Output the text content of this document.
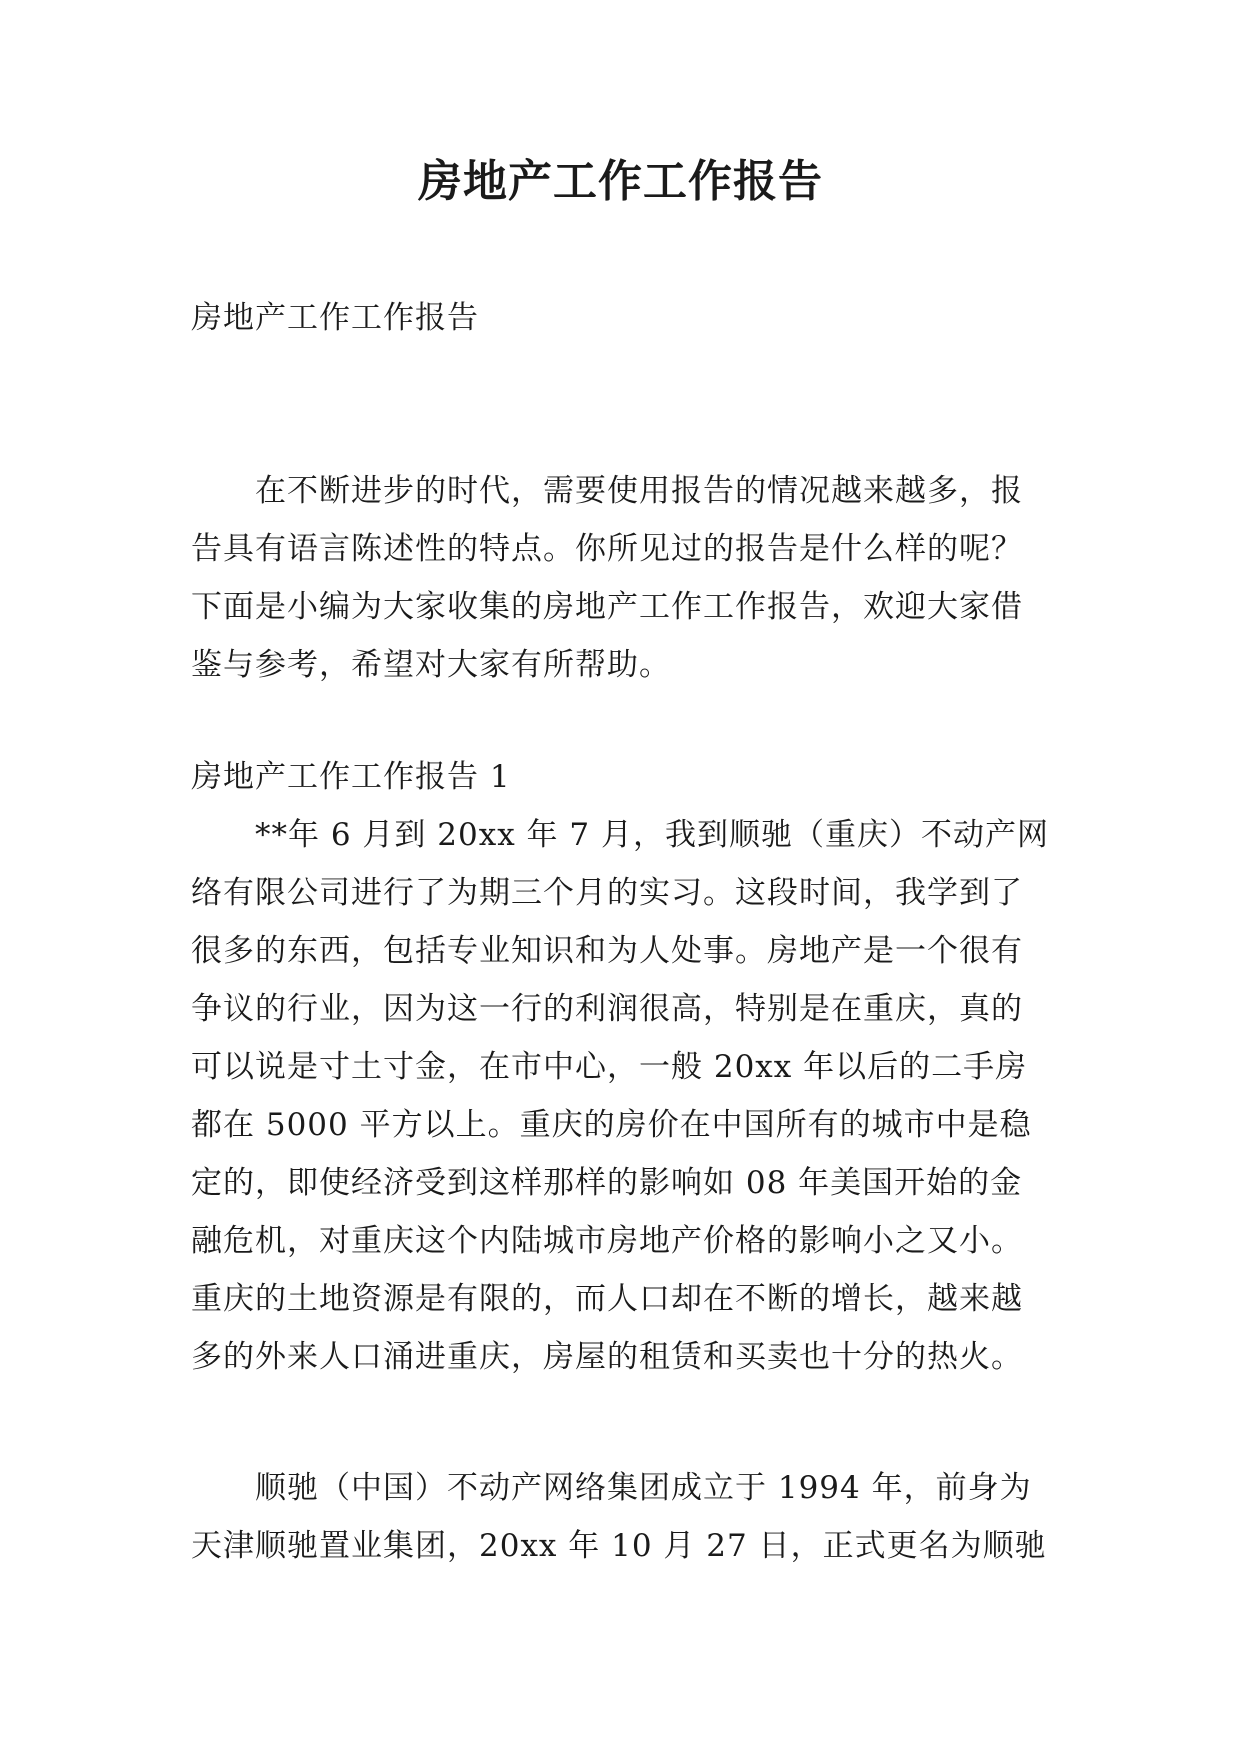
房地产工作工作报告
房地产工作工作报告
　　在不断进步的时代，需要使用报告的情况越来越多，报
告具有语言陈述性的特点。你所见过的报告是什么样的呢？
下面是小编为大家收集的房地产工作工作报告，欢迎大家借
鉴与参考，希望对大家有所帮助。
房地产工作工作报告 1
　　**年 6 月到 20xx 年 7 月，我到顺驰（重庆）不动产网
络有限公司进行了为期三个月的实习。这段时间，我学到了
很多的东西，包括专业知识和为人处事。房地产是一个很有
争议的行业，因为这一行的利润很高，特别是在重庆，真的
可以说是寸土寸金，在市中心，一般 20xx 年以后的二手房
都在 5000 平方以上。重庆的房价在中国所有的城市中是稳
定的，即使经济受到这样那样的影响如 08 年美国开始的金
融危机，对重庆这个内陆城市房地产价格的影响小之又小。
重庆的土地资源是有限的，而人口却在不断的增长，越来越
多的外来人口涌进重庆，房屋的租赁和买卖也十分的热火。
　　顺驰（中国）不动产网络集团成立于 1994 年，前身为
天津顺驰置业集团，20xx 年 10 月 27 日，正式更名为顺驰
